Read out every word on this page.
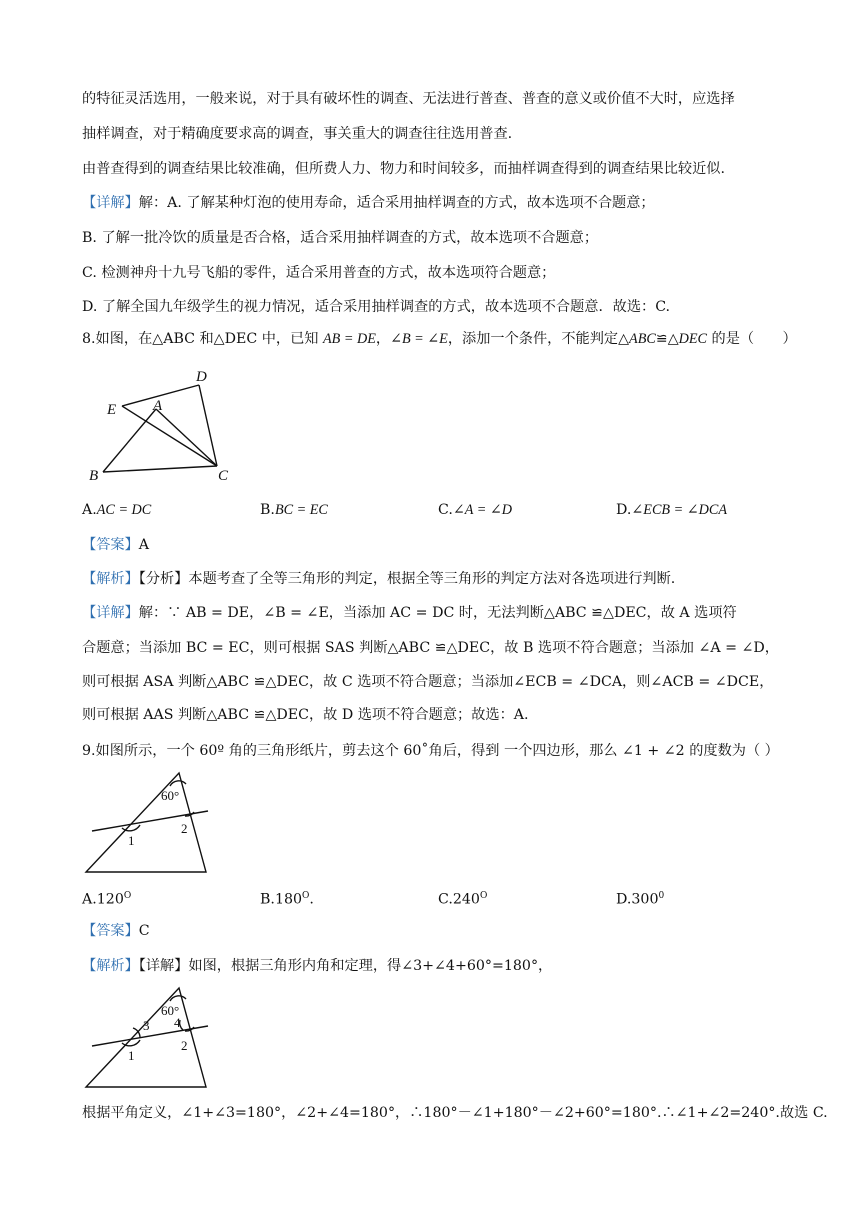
的特征灵活选用，一般来说，对于具有破坏性的调查、无法进行普查、普查的意义或价值不大时，应选择
抽样调查，对于精确度要求高的调查，事关重大的调查往往选用普查.
由普查得到的调查结果比较准确，但所费人力、物力和时间较多，而抽样调查得到的调查结果比较近似.
【详解】解：A. 了解某种灯泡的使用寿命，适合采用抽样调查的方式，故本选项不合题意；
B. 了解一批冷饮的质量是否合格，适合采用抽样调查的方式，故本选项不合题意；
C. 检测神舟十九号飞船的零件，适合采用普查的方式，故本选项符合题意；
D. 了解全国九年级学生的视力情况，适合采用抽样调查的方式，故本选项不合题意．故选：C.
8.如图，在△ABC 和△DEC 中，已知 AB = DE，∠B = ∠E，添加一个条件，不能判定△ABC≌△DEC 的是（　　）
D
E A
B	C
A.AC = DC	B.BC = EC	C.∠A = ∠D	D.∠ECB = ∠DCA
【答案】A
【解析】【分析】本题考查了全等三角形的判定，根据全等三角形的判定方法对各选项进行判断.
【详解】解：∵ AB = DE，∠B = ∠E，当添加 AC = DC 时，无法判断△ABC ≌△DEC，故 A 选项符
合题意；当添加 BC = EC，则可根据 SAS 判断△ABC ≌△DEC，故 B 选项不符合题意；当添加 ∠A = ∠D，
则可根据 ASA 判断△ABC ≌△DEC，故 C 选项不符合题意；当添加∠ECB = ∠DCA，则∠ACB = ∠DCE，
则可根据 AAS 判断△ABC ≌△DEC，故 D 选项不符合题意；故选：A.
9.如图所示，一个 60º 角的三角形纸片，剪去这个 60˚角后，得到 一个四边形，那么 ∠1 + ∠2 的度数为（ ）
60°
1
2
$A.120^O$	$B.180^O$.	$C.240^O$	D.300$^0$
【答案】C
【解析】【详解】如图，根据三角形内角和定理，得∠3+∠4+60°=180°，
60°
1
2
3 4
根据平角定义，∠1+∠3=180°，∠2+∠4=180°，∴180°－∠1+180°－∠2+60°=180°.∴∠1+∠2=240°.故选 C.
